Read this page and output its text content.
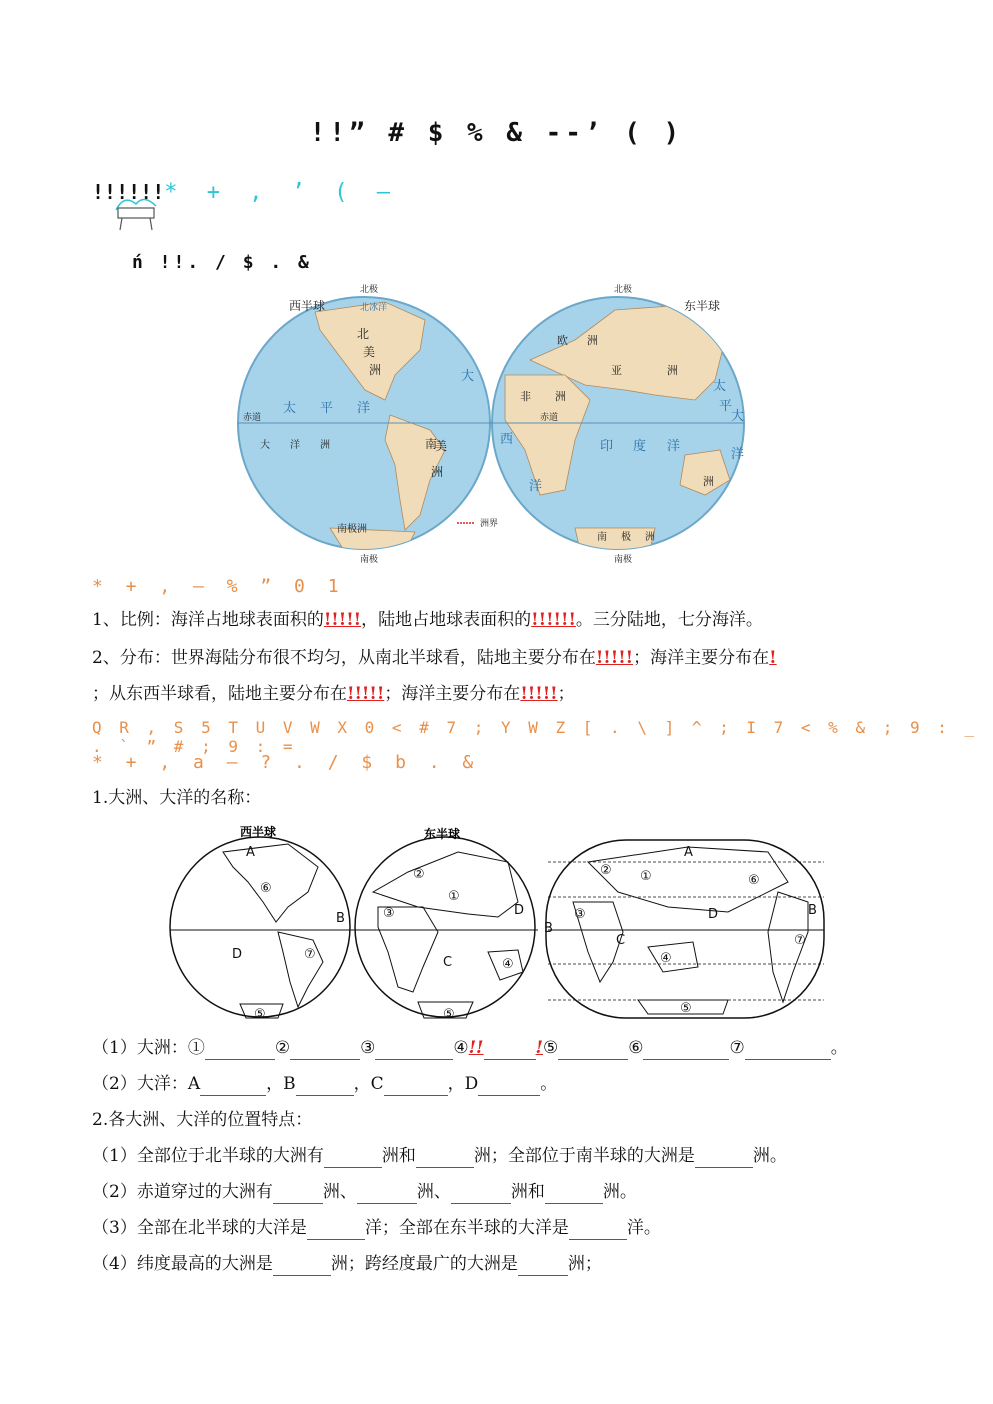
!!” # $ % & --’ ( )
!!!!!!* + , ’ ( –
ń !!. / $ . &
西半球	东半球
北极	北极
南极	南极
赤道	赤道
北冰洋
洲界
北
美
洲
南
美
洲
南极洲
太 平 洋
大 洋 洲
大
欧 洲
亚	洲
非 洲
洲
南 极 洲
西	印 度 洋
洋
太
平
大
洋
* + , – % ” 0 1
1、比例：海洋占地球表面积的!!!!!，陆地占地球表面积的!!!!!!。三分陆地，七分海洋。
2、分布：世界海陆分布很不均匀，从南北半球看，陆地主要分布在!!!!!；海洋主要分布在!
；从东西半球看，陆地主要分布在!!!!!；海洋主要分布在!!!!!；
Q R , S 5 T U V W X 0 < # 7 ; Y W Z [ . \ ] ^ ; I 7 < % & ; 9 : _ . ` ” # ; 9 : =
* + , a – ? . / $ b . &
1.大洲、大洋的名称：
西半球	东半球
⑥
⑦
⑤
①
②
③
④
⑤
①
②
③
④
⑤
⑥
⑦
A
B
C
D
D
A
B
B
C
D
（1）大洲：①	②	③	④!!	!⑤	⑥	⑦	。
（2）大洋：A	，B	，C	，D	。
2.各大洲、大洋的位置特点：
（1）全部位于北半球的大洲有	洲和	洲；全部位于南半球的大洲是	洲。
（2）赤道穿过的大洲有	洲、	洲、	洲和	洲。
（3）全部在北半球的大洋是	洋；全部在东半球的大洋是	洋。
（4）纬度最高的大洲是	洲；跨经度最广的大洲是	洲；
